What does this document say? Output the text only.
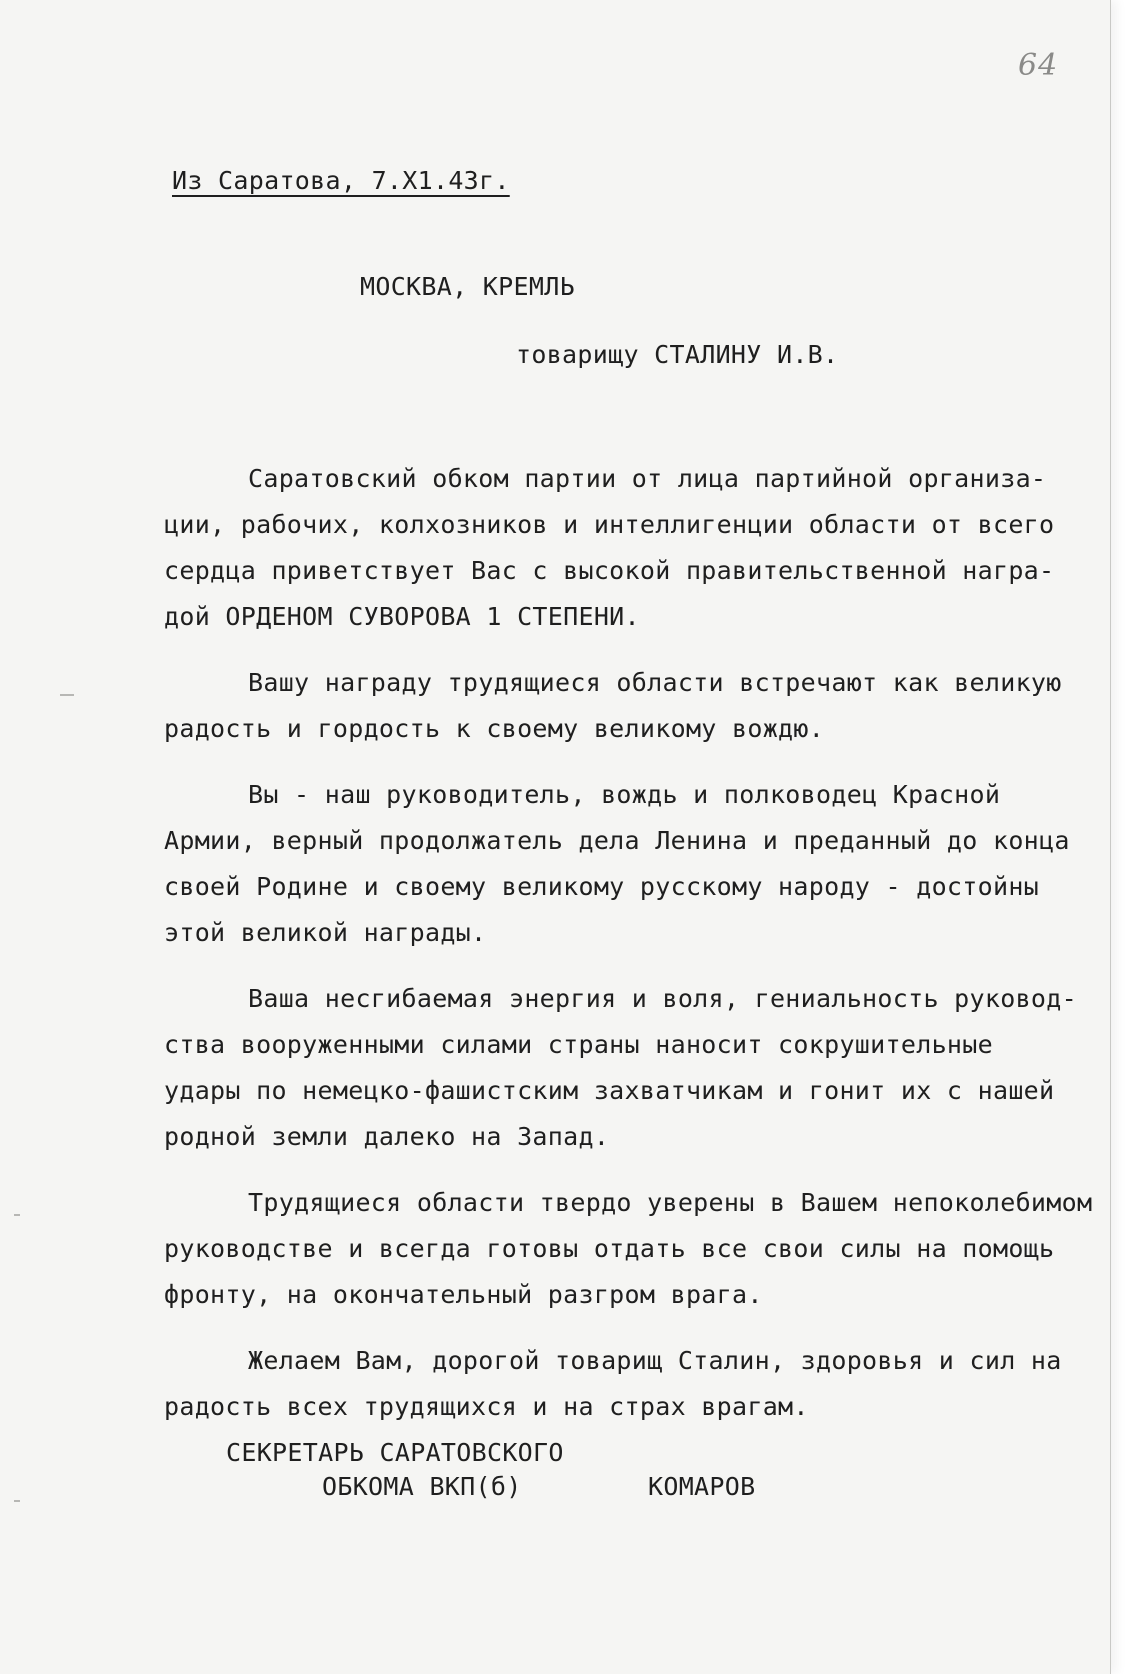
64

Из Саратова, 7.Х1.43г.

МОСКВА, КРЕМЛЬ

товарищу СТАЛИНУ И.В.

Саратовский обком партии от лица партийной организа-
ции, рабочих, колхозников и интеллигенции области от всего
сердца приветствует Вас с высокой правительственной награ-
дой ОРДЕНОМ СУВОРОВА 1 СТЕПЕНИ.

Вашу награду трудящиеся области встречают как великую
радость и гордость к своему великому вождю.

Вы - наш руководитель, вождь и полководец Красной
Армии, верный продолжатель дела Ленина и преданный до конца
своей Родине и своему великому русскому народу - достойны
этой великой награды.

Ваша несгибаемая энергия и воля, гениальность руковод-
ства вооруженными силами страны наносит сокрушительные
удары по немецко-фашистским захватчикам и гонит их с нашей
родной земли далеко на Запад.

Трудящиеся области твердо уверены в Вашем непоколебимом
руководстве и всегда готовы отдать все свои силы на помощь
фронту, на окончательный разгром врага.

Желаем Вам, дорогой товарищ Сталин, здоровья и сил на
радость всех трудящихся и на страх врагам.

СЕКРЕТАРЬ САРАТОВСКОГО

ОБКОМА ВКП(б)	КОМАРОВ
